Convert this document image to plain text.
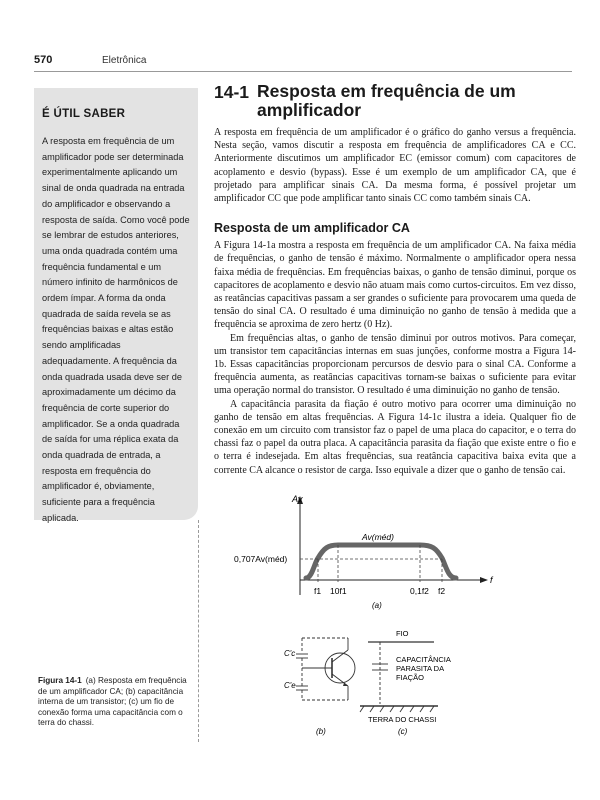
570	Eletrônica
É ÚTIL SABER
A resposta em frequência de um amplificador pode ser determinada experimentalmente aplicando um sinal de onda quadrada na entrada do amplificador e observando a resposta de saída. Como você pode se lembrar de estudos anteriores, uma onda quadrada contém uma frequência fundamental e um número infinito de harmônicos de ordem ímpar. A forma da onda quadrada de saída revela se as frequências baixas e altas estão sendo amplificadas adequadamente. A frequência da onda quadrada usada deve ser de aproximadamente um décimo da frequência de corte superior do amplificador. Se a onda quadrada de saída for uma réplica exata da onda quadrada de entrada, a resposta em frequência do amplificador é, obviamente, suficiente para a frequência aplicada.
14-1 Resposta em frequência de um amplificador

A resposta em frequência de um amplificador é o gráfico do ganho versus a frequência. Nesta seção, vamos discutir a resposta em frequência de amplificadores CA e CC. Anteriormente discutimos um amplificador EC (emissor comum) com capacitores de acoplamento e desvio (bypass). Esse é um exemplo de um amplificador CA, que é projetado para amplificar sinais CA. Da mesma forma, é possível projetar um amplificador CC que pode amplificar tanto sinais CC como também sinais CA.

Resposta de um amplificador CA

A Figura 14-1a mostra a resposta em frequência de um amplificador CA. Na faixa média de frequências, o ganho de tensão é máximo. Normalmente o amplificador opera nessa faixa média de frequências. Em frequências baixas, o ganho de tensão diminui, porque os capacitores de acoplamento e desvio não atuam mais como curtos-circuitos. Em vez disso, as reatâncias capacitivas passam a ser grandes o suficiente para provocarem uma queda de tensão do sinal CA. O resultado é uma diminuição no ganho de tensão à medida que a frequência se aproxima de zero hertz (0 Hz).

Em frequências altas, o ganho de tensão diminui por outros motivos. Para começar, um transistor tem capacitâncias internas em suas junções, conforme mostra a Figura 14-1b. Essas capacitâncias proporcionam percursos de desvio para o sinal CA. Conforme a frequência aumenta, as reatâncias capacitivas tornam-se baixas o suficiente para evitar uma operação normal do transistor. O resultado é uma diminuição no ganho de tensão.

A capacitância parasita da fiação é outro motivo para ocorrer uma diminuição no ganho de tensão em altas frequências. A Figura 14-1c ilustra a ideia. Qualquer fio de conexão em um circuito com transistor faz o papel de uma placa do capacitor, e o terra do chassi faz o papel da outra placa. A capacitância parasita da fiação que existe entre o fio e o terra é indesejada. Em altas frequências, sua reatância capacitiva baixa evita que a corrente CA alcance o resistor de carga. Isso equivale a dizer que o ganho de tensão cai.

Av
f
0,707Av(méd)
Av(méd)
f1 10f1	0,1f2 f2
(a)
C'c
C'e
(b)
FIO
CAPACITÂNCIA
PARASITA DA
FIAÇÃO
TERRA DO CHASSI
(c)
Figura 14-1 (a) Resposta em frequência de um amplificador CA; (b) capacitância interna de um transistor; (c) um fio de conexão forma uma capacitância com o terra do chassi.
